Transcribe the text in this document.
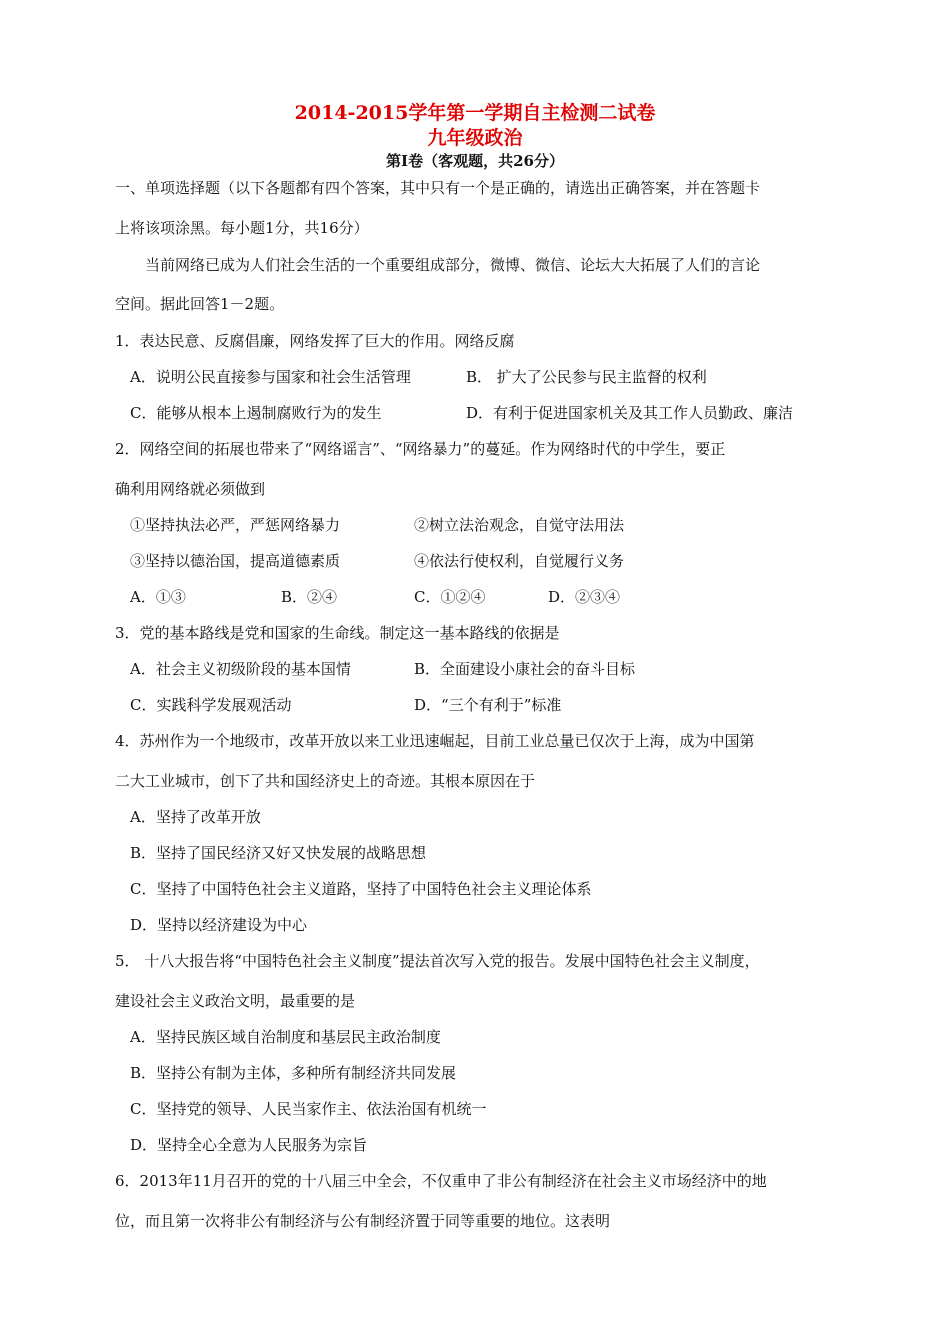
2014-2015学年第一学期自主检测二试卷
九年级政治
第Ⅰ卷（客观题，共26分）
一、单项选择题（以下各题都有四个答案，其中只有一个是正确的，请选出正确答案，并在答题卡
上将该项涂黑。每小题1分，共16分）
当前网络已成为人们社会生活的一个重要组成部分，微博、微信、论坛大大拓展了人们的言论
空间。据此回答1－2题。
1．表达民意、反腐倡廉，网络发挥了巨大的作用。网络反腐
A．说明公民直接参与国家和社会生活管理	B． 扩大了公民参与民主监督的权利
C．能够从根本上遏制腐败行为的发生	D．有利于促进国家机关及其工作人员勤政、廉洁
2．网络空间的拓展也带来了“网络谣言”、“网络暴力”的蔓延。作为网络时代的中学生，要正
确利用网络就必须做到
①坚持执法必严，严惩网络暴力	②树立法治观念，自觉守法用法
③坚持以德治国，提高道德素质	④依法行使权利，自觉履行义务
A．①③	B．②④	C．①②④	D．②③④
3．党的基本路线是党和国家的生命线。制定这一基本路线的依据是
A．社会主义初级阶段的基本国情	B．全面建设小康社会的奋斗目标
C．实践科学发展观活动	D．“三个有利于”标准
4．苏州作为一个地级市，改革开放以来工业迅速崛起，目前工业总量已仅次于上海，成为中国第
二大工业城市，创下了共和国经济史上的奇迹。其根本原因在于
A．坚持了改革开放
B．坚持了国民经济又好又快发展的战略思想
C．坚持了中国特色社会主义道路，坚持了中国特色社会主义理论体系
D．坚持以经济建设为中心
5． 十八大报告将“中国特色社会主义制度”提法首次写入党的报告。发展中国特色社会主义制度，
建设社会主义政治文明，最重要的是
A．坚持民族区域自治制度和基层民主政治制度
B．坚持公有制为主体，多种所有制经济共同发展
C．坚持党的领导、人民当家作主、依法治国有机统一
D．坚持全心全意为人民服务为宗旨
6．2013年11月召开的党的十八届三中全会，不仅重申了非公有制经济在社会主义市场经济中的地
位，而且第一次将非公有制经济与公有制经济置于同等重要的地位。这表明
